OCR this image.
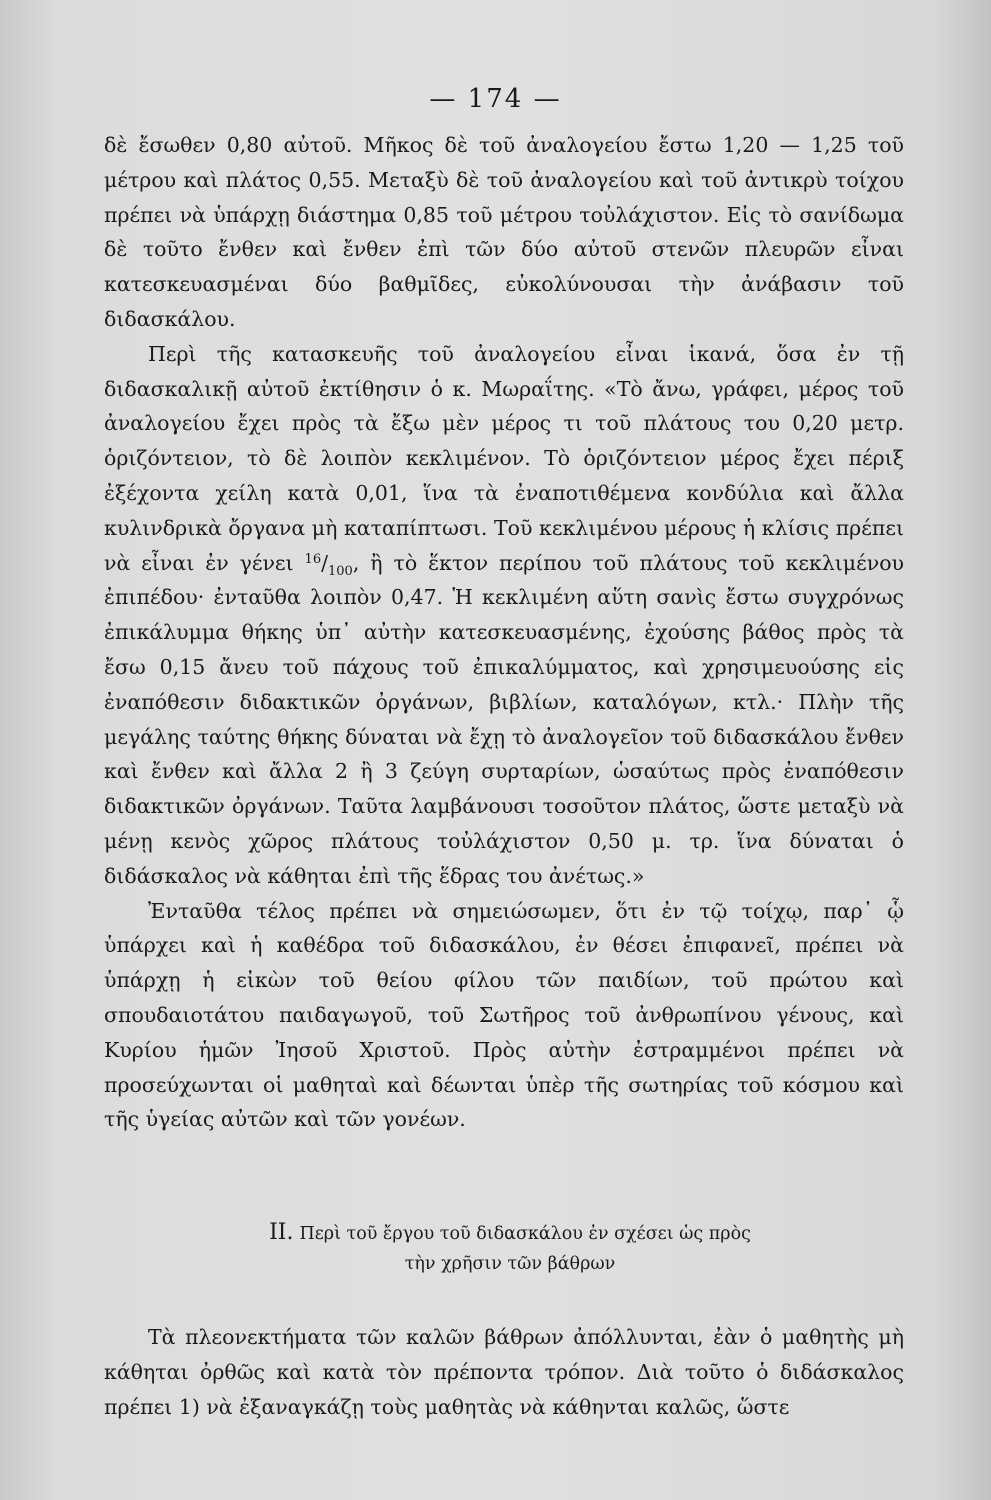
— 174 —

δὲ ἔσωθεν 0,80 αὐτοῦ. Μῆκος δὲ τοῦ ἀναλογείου ἔστω 1,20 — 1,25 τοῦ μέτρου καὶ πλάτος 0,55. Μεταξὺ δὲ τοῦ ἀναλογείου καὶ τοῦ ἀντικρὺ τοίχου πρέπει νὰ ὑπάρχῃ διάστημα 0,85 τοῦ μέτρου τοὐλάχιστον. Εἰς τὸ σανίδωμα δὲ τοῦτο ἔνθεν καὶ ἔνθεν ἐπὶ τῶν δύο αὐτοῦ στενῶν πλευρῶν εἶναι κατεσκευασμέναι δύο βαθμῖδες, εὐκολύνουσαι τὴν ἀνάβασιν τοῦ διδασκάλου.

Περὶ τῆς κατασκευῆς τοῦ ἀναλογείου εἶναι ἱκανά, ὅσα ἐν τῇ διδασκαλικῇ αὐτοῦ ἐκτίθησιν ὁ κ. Μωραΐτης. «Τὸ ἄνω, γράφει, μέρος τοῦ ἀναλογείου ἔχει πρὸς τὰ ἔξω μὲν μέρος τι τοῦ πλάτους του 0,20 μετρ. ὁριζόντειον, τὸ δὲ λοιπὸν κεκλιμένον. Τὸ ὁριζόντειον μέρος ἔχει πέριξ ἐξέχοντα χείλη κατὰ 0,01, ἵνα τὰ ἐναποτιθέμενα κονδύλια καὶ ἄλλα κυλινδρικὰ ὄργανα μὴ καταπίπτωσι. Τοῦ κεκλιμένου μέρους ἡ κλίσις πρέπει νὰ εἶναι ἐν γένει $^{16}/_{100}$, ἢ τὸ ἕκτον περίπου τοῦ πλάτους τοῦ κεκλιμένου ἐπιπέδου· ἐνταῦθα λοιπὸν 0,47. Ἡ κεκλιμένη αὕτη σανὶς ἔστω συγχρόνως ἐπικάλυμμα θήκης ὑπ᾽ αὐτὴν κατεσκευασμένης, ἐχούσης βάθος πρὸς τὰ ἔσω 0,15 ἄνευ τοῦ πάχους τοῦ ἐπικαλύμματος, καὶ χρησιμευούσης εἰς ἐναπόθεσιν διδακτικῶν ὀργάνων, βιβλίων, καταλόγων, κτλ.· Πλὴν τῆς μεγάλης ταύτης θήκης δύναται νὰ ἔχῃ τὸ ἀναλογεῖον τοῦ διδασκάλου ἔνθεν καὶ ἔνθεν καὶ ἄλλα 2 ἢ 3 ζεύγη συρταρίων, ὡσαύτως πρὸς ἐναπόθεσιν διδακτικῶν ὀργάνων. Ταῦτα λαμβάνουσι τοσοῦτον πλάτος, ὥστε μεταξὺ νὰ μένῃ κενὸς χῶρος πλάτους τοὐλάχιστον 0,50 μ. τρ. ἵνα δύναται ὁ διδάσκαλος νὰ κάθηται ἐπὶ τῆς ἕδρας του ἀνέτως.»

Ἐνταῦθα τέλος πρέπει νὰ σημειώσωμεν, ὅτι ἐν τῷ τοίχῳ, παρ᾽ ᾧ ὑπάρχει καὶ ἡ καθέδρα τοῦ διδασκάλου, ἐν θέσει ἐπιφανεῖ, πρέπει νὰ ὑπάρχῃ ἡ εἰκὼν τοῦ θείου φίλου τῶν παιδίων, τοῦ πρώτου καὶ σπουδαιοτάτου παιδαγωγοῦ, τοῦ Σωτῆρος τοῦ ἀνθρωπίνου γένους, καὶ Κυρίου ἡμῶν Ἰησοῦ Χριστοῦ. Πρὸς αὐτὴν ἐστραμμένοι πρέπει νὰ προσεύχωνται οἱ μαθηταὶ καὶ δέωνται ὑπὲρ τῆς σωτηρίας τοῦ κόσμου καὶ τῆς ὑγείας αὐτῶν καὶ τῶν γονέων.

II. Περὶ τοῦ ἔργου τοῦ διδασκάλου ἐν σχέσει ὡς πρὸς
τὴν χρῆσιν τῶν βάθρων

Τὰ πλεονεκτήματα τῶν καλῶν βάθρων ἀπόλλυνται, ἐὰν ὁ μαθητὴς μὴ κάθηται ὀρθῶς καὶ κατὰ τὸν πρέποντα τρόπον. Διὰ τοῦτο ὁ διδάσκαλος πρέπει 1) νὰ ἐξαναγκάζῃ τοὺς μαθητὰς νὰ κάθηνται καλῶς, ὥστε
